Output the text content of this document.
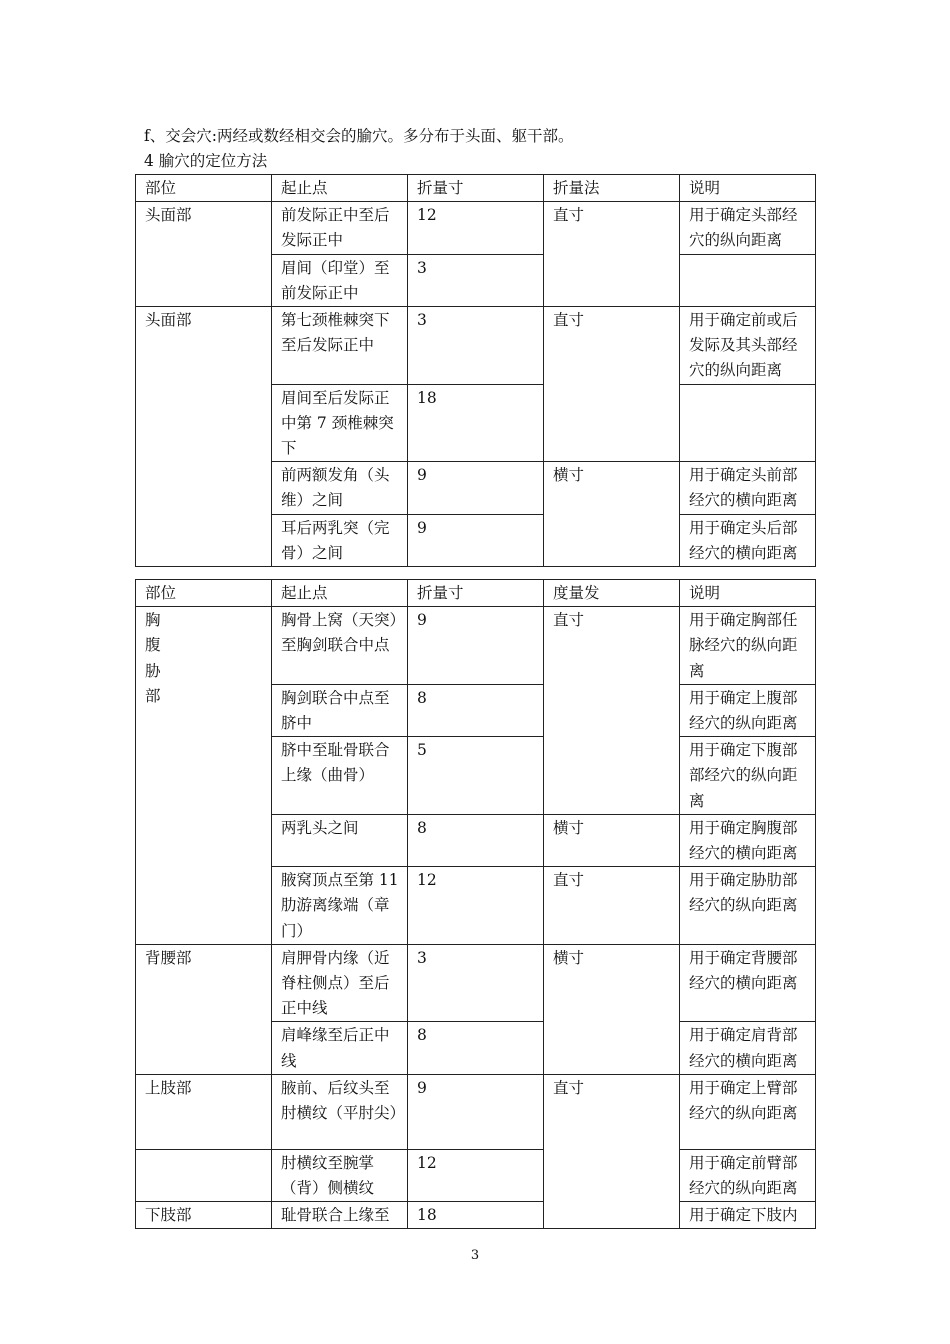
f、交会穴:两经或数经相交会的腧穴。多分布于头面、躯干部。
4 腧穴的定位方法
部位	起止点	折量寸	折量法	说明
头面部	前发际正中至后发际正中	12	直寸	用于确定头部经穴的纵向距离
	眉间（印堂）至前发际正中	3		
头面部	第七颈椎棘突下至后发际正中	3	直寸	用于确定前或后发际及其头部经穴的纵向距离
	眉间至后发际正中第 7 颈椎棘突下	18		
	前两额发角（头维）之间	9	横寸	用于确定头前部经穴的横向距离
	耳后两乳突（完骨）之间	9		用于确定头后部经穴的横向距离
部位	起止点	折量寸	度量发	说明
胸腹胁部	胸骨上窝（天突）至胸剑联合中点	9	直寸	用于确定胸部任脉经穴的纵向距离
	胸剑联合中点至脐中	8		用于确定上腹部经穴的纵向距离
	脐中至耻骨联合上缘（曲骨）	5		用于确定下腹部部经穴的纵向距离
	两乳头之间	8	横寸	用于确定胸腹部经穴的横向距离
	腋窝顶点至第 11 肋游离缘端（章门）	12	直寸	用于确定胁肋部经穴的纵向距离
背腰部	肩胛骨内缘（近脊柱侧点）至后正中线	3	横寸	用于确定背腰部经穴的横向距离
	肩峰缘至后正中线	8		用于确定肩背部经穴的横向距离
上肢部	腋前、后纹头至肘横纹（平肘尖）	9	直寸	用于确定上臂部经穴的纵向距离
	肘横纹至腕掌（背）侧横纹	12		用于确定前臂部经穴的纵向距离
下肢部	耻骨联合上缘至	18		用于确定下肢内
3
